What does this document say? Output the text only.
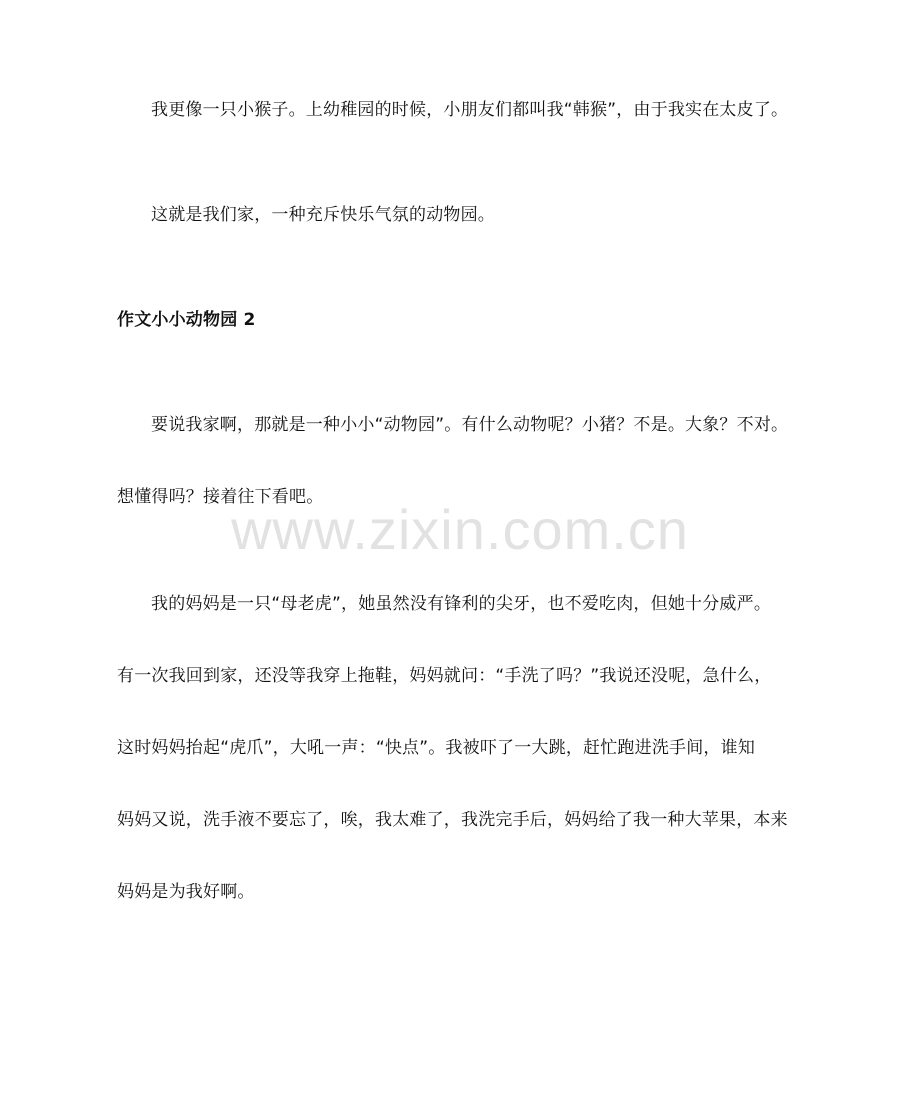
我更像一只小猴子。上幼稚园的时候，小朋友们都叫我“韩猴”，由于我实在太皮了。
这就是我们家，一种充斥快乐气氛的动物园。
作文小小动物园 2
要说我家啊，那就是一种小小“动物园”。有什么动物呢？小猪？不是。大象？不对。
想懂得吗？接着往下看吧。
我的妈妈是一只“母老虎”，她虽然没有锋利的尖牙，也不爱吃肉，但她十分威严。
有一次我回到家，还没等我穿上拖鞋，妈妈就问：“手洗了吗？”我说还没呢，急什么，
这时妈妈抬起“虎爪”，大吼一声：“快点”。我被吓了一大跳，赶忙跑进洗手间，谁知
妈妈又说，洗手液不要忘了，唉，我太难了，我洗完手后，妈妈给了我一种大苹果，本来
妈妈是为我好啊。
www.zixin.com.cn
